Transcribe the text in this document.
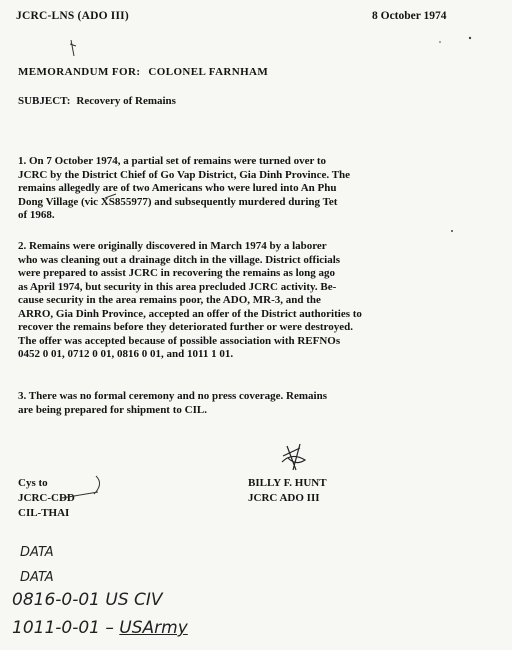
JCRC-LNS (ADO III)	8 October 1974
MEMORANDUM FOR: COLONEL FARNHAM
SUBJECT: Recovery of Remains
1. On 7 October 1974, a partial set of remains were turned over to
JCRC by the District Chief of Go Vap District, Gia Dinh Province. The
remains allegedly are of two Americans who were lured into An Phu
Dong Village (vic XS855977) and subsequently murdered during Tet
of 1968.
2. Remains were originally discovered in March 1974 by a laborer
who was cleaning out a drainage ditch in the village. District officials
were prepared to assist JCRC in recovering the remains as long ago
as April 1974, but security in this area precluded JCRC activity. Be-
cause security in the area remains poor, the ADO, MR-3, and the
ARRO, Gia Dinh Province, accepted an offer of the District authorities to
recover the remains before they deteriorated further or were destroyed.
The offer was accepted because of possible association with REFNOs
0452 0 01, 0712 0 01, 0816 0 01, and 1011 1 01.
3. There was no formal ceremony and no press coverage. Remains
are being prepared for shipment to CIL.
Cys to
JCRC-CDD
CIL-THAI
BILLY F. HUNT
JCRC ADO III
DATA
DATA
0816-0-01 US CIV
1011-0-01 – USArmy
